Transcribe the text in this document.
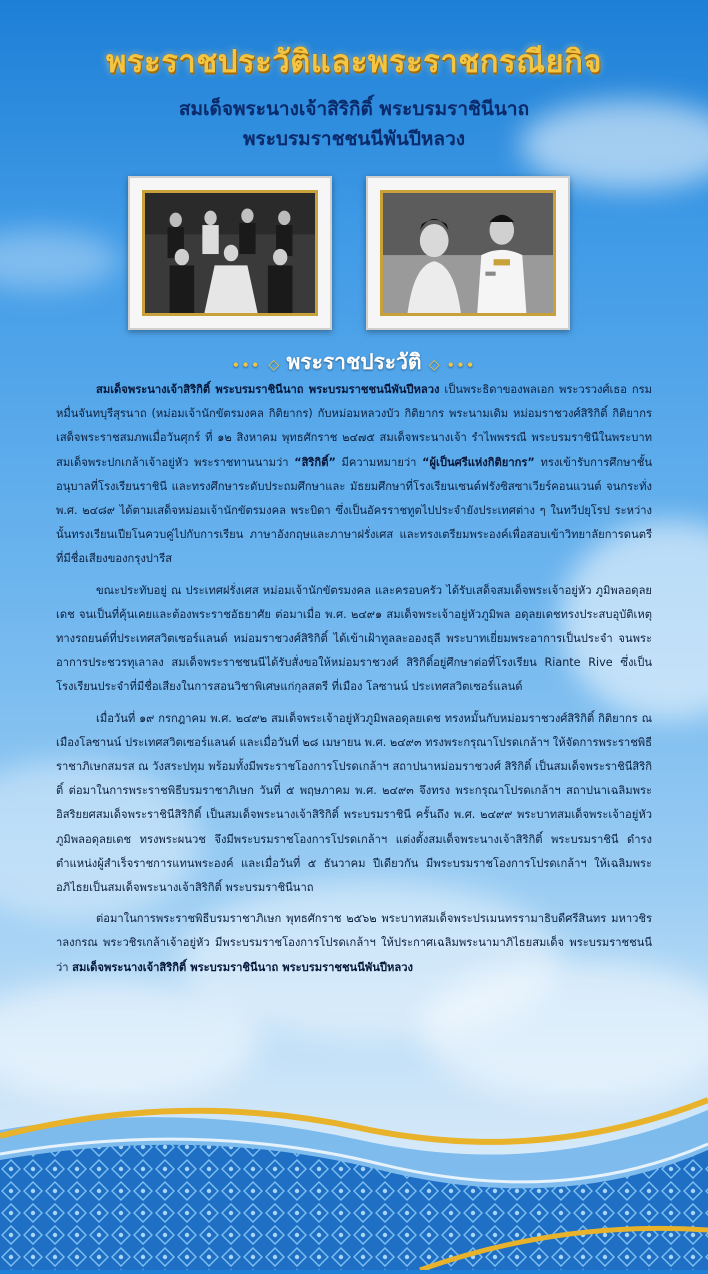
พระราชประวัติและพระราชกรณียกิจ
สมเด็จพระนางเจ้าสิริกิติ์ พระบรมราชินีนาถ
พระบรมราชชนนีพันปีหลวง
••• ◇ พระราชประวัติ ◇ •••

สมเด็จพระนางเจ้าสิริกิติ์ พระบรมราชินีนาถ พระบรมราชชนนีพันปีหลวง เป็นพระธิดาของพลเอก พระวรวงศ์เธอ กรมหมื่นจันทบุรีสุรนาถ (หม่อมเจ้านักขัตรมงคล กิติยากร) กับหม่อมหลวงบัว กิติยากร พระนามเดิม หม่อมราชวงศ์สิริกิติ์ กิติยากร เสด็จพระราชสมภพเมื่อวันศุกร์ ที่ ๑๒ สิงหาคม พุทธศักราช ๒๔๗๕ สมเด็จพระนางเจ้า รำไพพรรณี พระบรมราชินีในพระบาทสมเด็จพระปกเกล้าเจ้าอยู่หัว พระราชทานนามว่า “สิริกิติ์” มีความหมายว่า “ผู้เป็นศรีแห่งกิติยากร” ทรงเข้ารับการศึกษาชั้นอนุบาลที่โรงเรียนราชินี และทรงศึกษาระดับประถมศึกษาและ มัธยมศึกษาที่โรงเรียนเซนต์ฟรังซิสซาเวียร์คอนแวนต์ จนกระทั่ง พ.ศ. ๒๔๘๙ ได้ตามเสด็จหม่อมเจ้านักขัตรมงคล พระบิดา ซึ่งเป็นอัครราชทูตไปประจำยังประเทศต่าง ๆ ในทวีปยุโรป ระหว่างนั้นทรงเรียนเปียโนควบคู่ไปกับการเรียน ภาษาอังกฤษและภาษาฝรั่งเศส และทรงเตรียมพระองค์เพื่อสอบเข้าวิทยาลัยการดนตรีที่มีชื่อเสียงของกรุงปารีส

ขณะประทับอยู่ ณ ประเทศฝรั่งเศส หม่อมเจ้านักขัตรมงคล และครอบครัว ได้รับเสด็จสมเด็จพระเจ้าอยู่หัว ภูมิพลอดุลยเดช จนเป็นที่คุ้นเคยและต้องพระราชอัธยาศัย ต่อมาเมื่อ พ.ศ. ๒๔๙๑ สมเด็จพระเจ้าอยู่หัวภูมิพล อดุลยเดชทรงประสบอุบัติเหตุทางรถยนต์ที่ประเทศสวิตเซอร์แลนด์ หม่อมราชวงศ์สิริกิติ์ ได้เข้าเฝ้าทูลละอองธุลี พระบาทเยี่ยมพระอาการเป็นประจำ จนพระอาการประชวรทุเลาลง สมเด็จพระราชชนนีได้รับสั่งขอให้หม่อมราชวงศ์ สิริกิติ์อยู่ศึกษาต่อที่โรงเรียน Riante Rive ซึ่งเป็นโรงเรียนประจำที่มีชื่อเสียงในการสอนวิชาพิเศษแก่กุลสตรี ที่เมือง โลซานน์ ประเทศสวิตเซอร์แลนด์

เมื่อวันที่ ๑๙ กรกฎาคม พ.ศ. ๒๔๙๒ สมเด็จพระเจ้าอยู่หัวภูมิพลอดุลยเดช ทรงหมั้นกับหม่อมราชวงศ์สิริกิติ์ กิติยากร ณ เมืองโลซานน์ ประเทศสวิตเซอร์แลนด์ และเมื่อวันที่ ๒๘ เมษายน พ.ศ. ๒๔๙๓ ทรงพระกรุณาโปรดเกล้าฯ ให้จัดการพระราชพิธีราชาภิเษกสมรส ณ วังสระปทุม พร้อมทั้งมีพระราชโองการโปรดเกล้าฯ สถาปนาหม่อมราชวงศ์ สิริกิติ์ เป็นสมเด็จพระราชินีสิริกิติ์ ต่อมาในการพระราชพิธีบรมราชาภิเษก วันที่ ๕ พฤษภาคม พ.ศ. ๒๔๙๓ จึงทรง พระกรุณาโปรดเกล้าฯ สถาปนาเฉลิมพระอิสริยยศสมเด็จพระราชินีสิริกิติ์ เป็นสมเด็จพระนางเจ้าสิริกิติ์ พระบรมราชินี ครั้นถึง พ.ศ. ๒๔๙๙ พระบาทสมเด็จพระเจ้าอยู่หัวภูมิพลอดุลยเดช ทรงพระผนวช จึงมีพระบรมราชโองการโปรดเกล้าฯ แต่งตั้งสมเด็จพระนางเจ้าสิริกิติ์ พระบรมราชินี ดำรงตำแหน่งผู้สำเร็จราชการแทนพระองค์ และเมื่อวันที่ ๕ ธันวาคม ปีเดียวกัน มีพระบรมราชโองการโปรดเกล้าฯ ให้เฉลิมพระอภิไธยเป็นสมเด็จพระนางเจ้าสิริกิติ์ พระบรมราชินีนาถ

ต่อมาในการพระราชพิธีบรมราชาภิเษก พุทธศักราช ๒๕๖๒ พระบาทสมเด็จพระปรเมนทรรามาธิบดีศรีสินทร มหาวชิราลงกรณ พระวชิรเกล้าเจ้าอยู่หัว มีพระบรมราชโองการโปรดเกล้าฯ ให้ประกาศเฉลิมพระนามาภิไธยสมเด็จ พระบรมราชชนนีว่า สมเด็จพระนางเจ้าสิริกิติ์ พระบรมราชินีนาถ พระบรมราชชนนีพันปีหลวง
